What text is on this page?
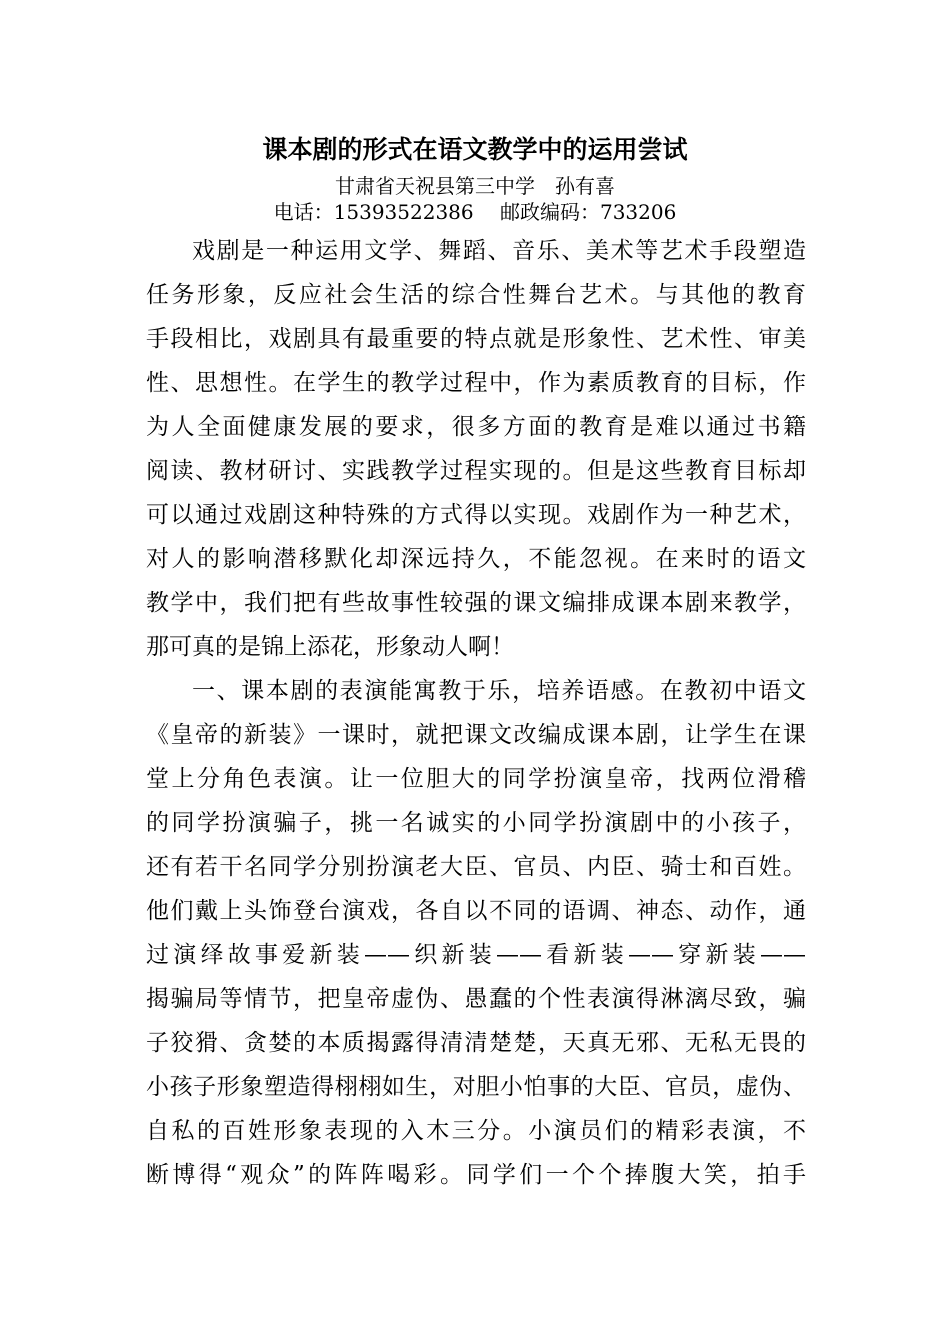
课本剧的形式在语文教学中的运用尝试

甘肃省天祝县第三中学　孙有喜

电话：15393522386　 邮政编码：733206

戏剧是一种运用文学、舞蹈、音乐、美术等艺术手段塑造
任务形象，反应社会生活的综合性舞台艺术。与其他的教育
手段相比，戏剧具有最重要的特点就是形象性、艺术性、审美
性、思想性。在学生的教学过程中，作为素质教育的目标，作
为人全面健康发展的要求，很多方面的教育是难以通过书籍
阅读、教材研讨、实践教学过程实现的。但是这些教育目标却
可以通过戏剧这种特殊的方式得以实现。戏剧作为一种艺术，
对人的影响潜移默化却深远持久，不能忽视。在来时的语文
教学中，我们把有些故事性较强的课文编排成课本剧来教学，
那可真的是锦上添花，形象动人啊！
一、课本剧的表演能寓教于乐，培养语感。在教初中语文
《皇帝的新装》一课时，就把课文改编成课本剧，让学生在课
堂上分角色表演。让一位胆大的同学扮演皇帝，找两位滑稽
的同学扮演骗子，挑一名诚实的小同学扮演剧中的小孩子，
还有若干名同学分别扮演老大臣、官员、内臣、骑士和百姓。
他们戴上头饰登台演戏，各自以不同的语调、神态、动作，通
过演绎故事爱新装——织新装——看新装——穿新装——
揭骗局等情节，把皇帝虚伪、愚蠢的个性表演得淋漓尽致，骗
子狡猾、贪婪的本质揭露得清清楚楚，天真无邪、无私无畏的
小孩子形象塑造得栩栩如生，对胆小怕事的大臣、官员，虚伪、
自私的百姓形象表现的入木三分。小演员们的精彩表演，不
断博得“观众”的阵阵喝彩。同学们一个个捧腹大笑，拍手
